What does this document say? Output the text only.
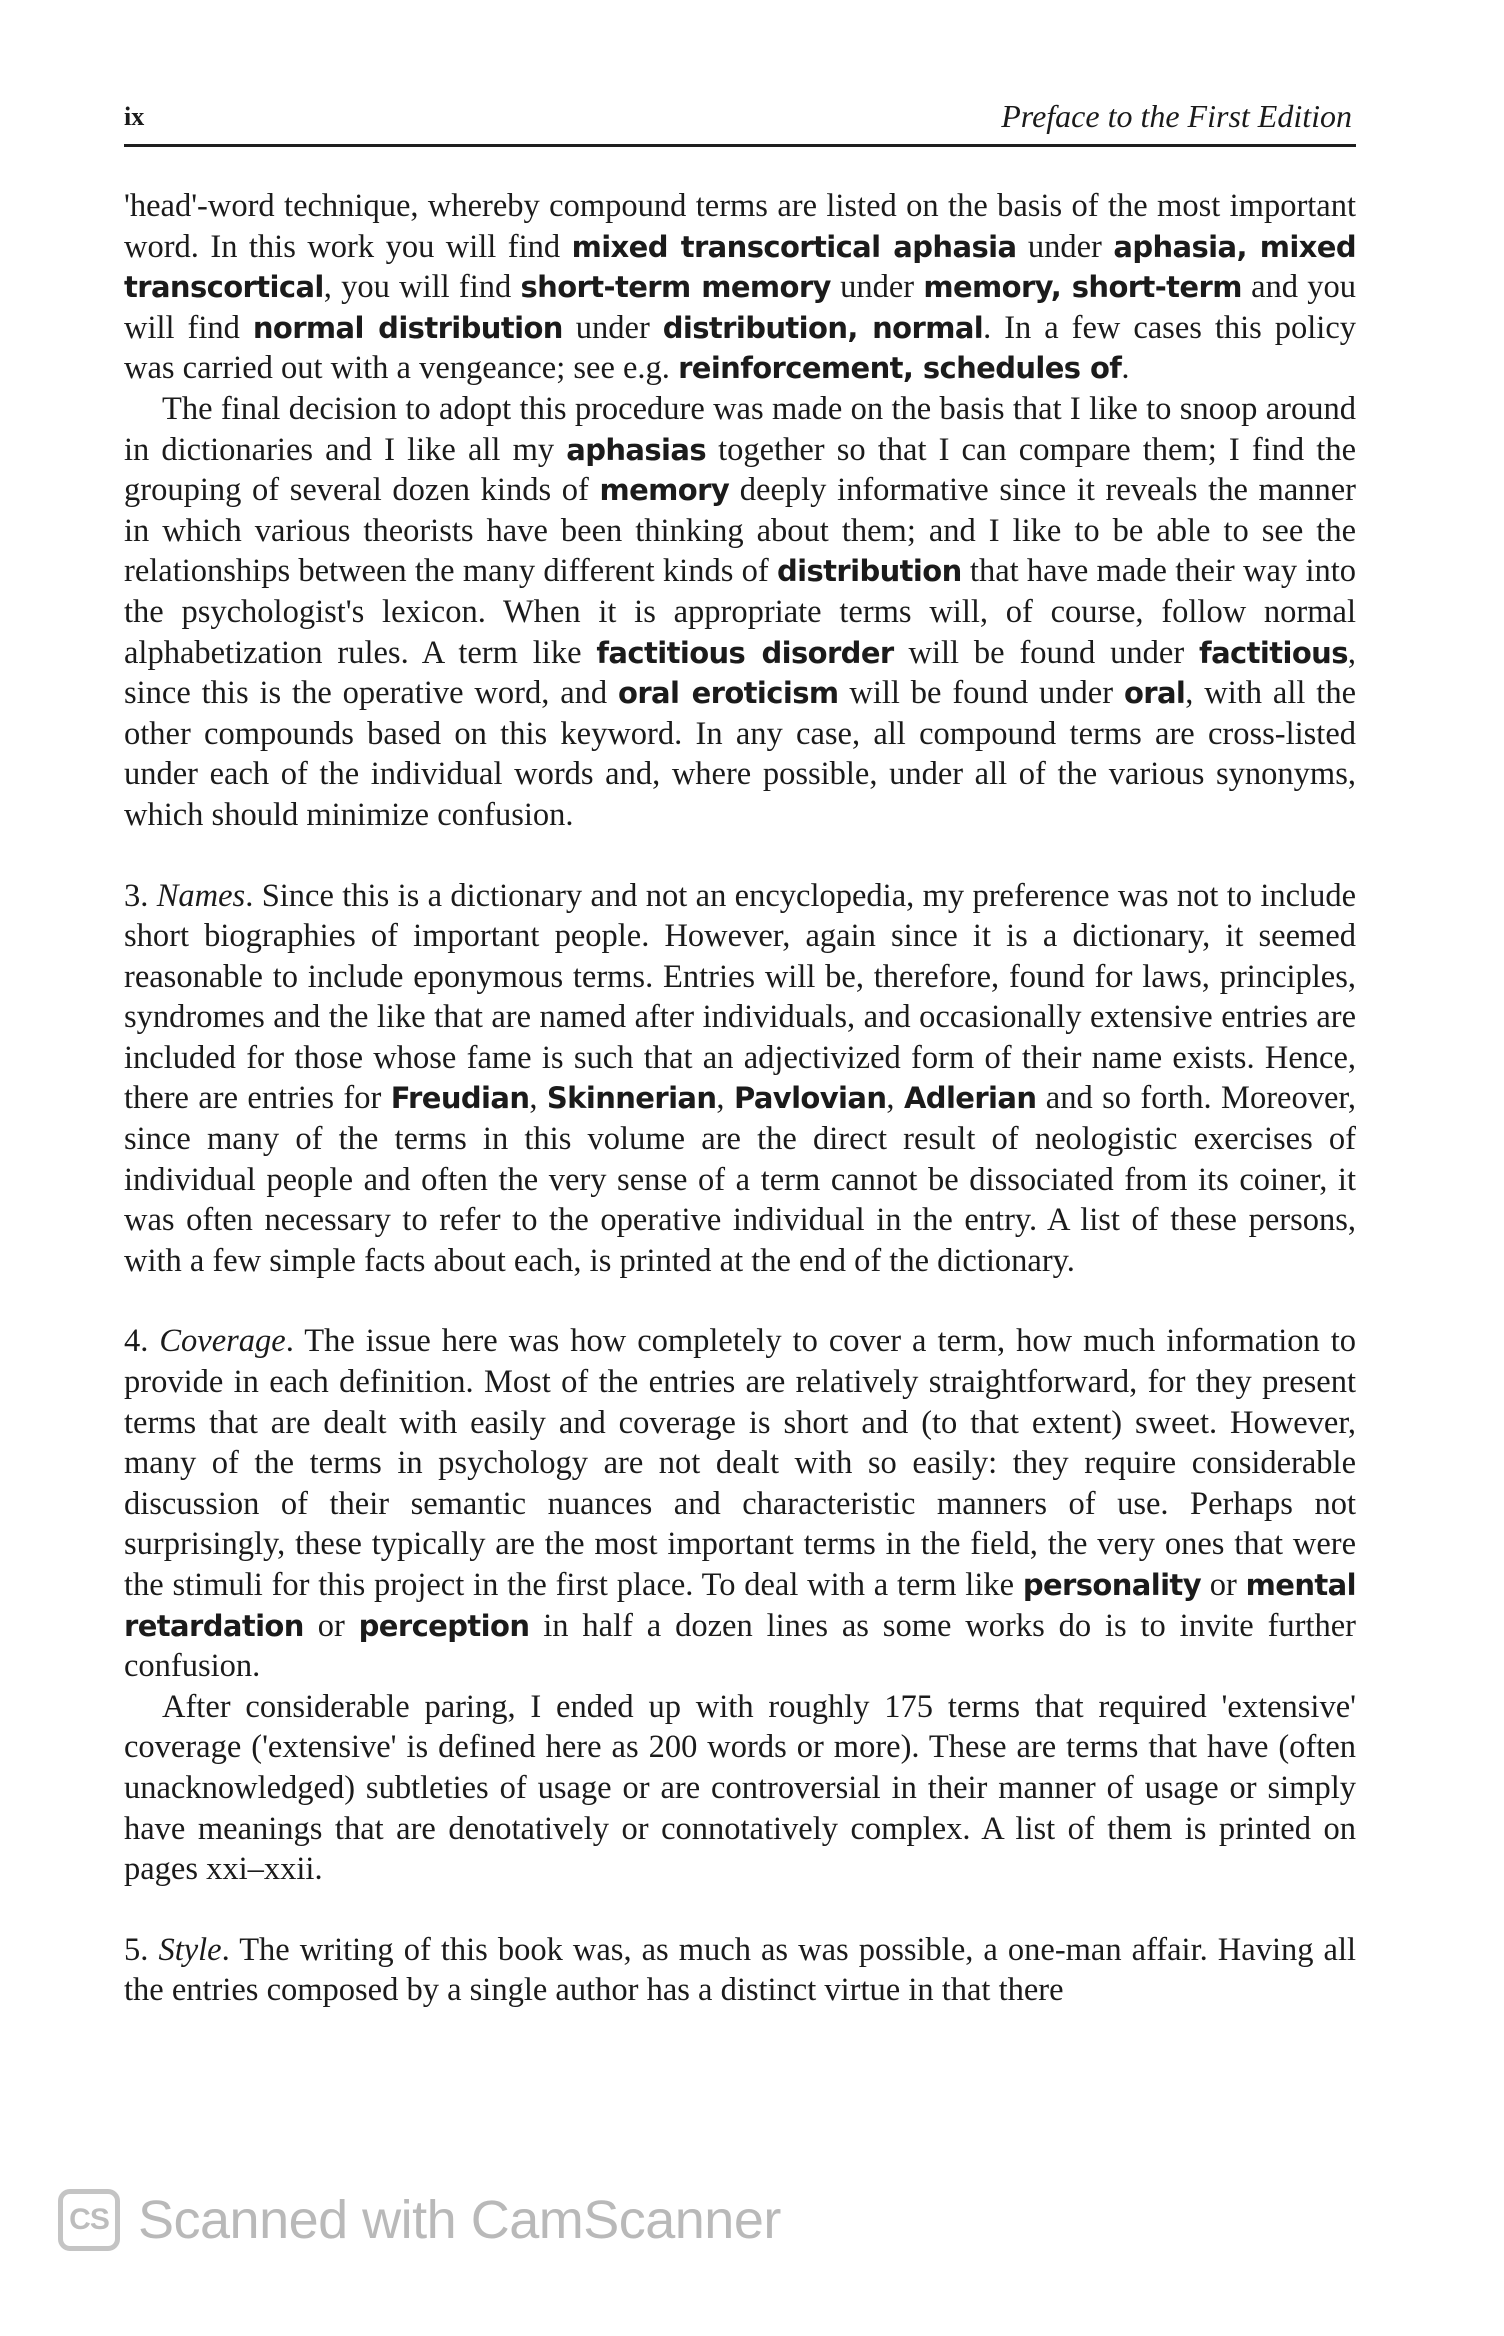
ix	Preface to the First Edition

'head'-word technique, whereby compound terms are listed on the basis of the most important word. In this work you will find mixed transcortical aphasia under aphasia, mixed transcortical, you will find short-term memory under memory, short-term and you will find normal distribution under distribution, normal. In a few cases this policy was carried out with a vengeance; see e.g. reinforcement, schedules of.

The final decision to adopt this procedure was made on the basis that I like to snoop around in dictionaries and I like all my aphasias together so that I can compare them; I find the grouping of several dozen kinds of memory deeply informative since it reveals the manner in which various theorists have been thinking about them; and I like to be able to see the relationships between the many different kinds of distribution that have made their way into the psychologist's lexicon. When it is appropriate terms will, of course, follow normal alphabetization rules. A term like factitious disorder will be found under factitious, since this is the operative word, and oral eroticism will be found under oral, with all the other compounds based on this keyword. In any case, all compound terms are cross-listed under each of the individual words and, where possible, under all of the various synonyms, which should minimize confusion.

3. Names. Since this is a dictionary and not an encyclopedia, my preference was not to include short biographies of important people. However, again since it is a dictionary, it seemed reasonable to include eponymous terms. Entries will be, therefore, found for laws, principles, syndromes and the like that are named after individuals, and occasionally extensive entries are included for those whose fame is such that an adjectivized form of their name exists. Hence, there are entries for Freudian, Skinnerian, Pavlovian, Adlerian and so forth. Moreover, since many of the terms in this volume are the direct result of neologistic exercises of individual people and often the very sense of a term cannot be dissociated from its coiner, it was often necessary to refer to the operative individual in the entry. A list of these persons, with a few simple facts about each, is printed at the end of the dictionary.

4. Coverage. The issue here was how completely to cover a term, how much information to provide in each definition. Most of the entries are relatively straightforward, for they present terms that are dealt with easily and coverage is short and (to that extent) sweet. However, many of the terms in psychology are not dealt with so easily: they require considerable discussion of their semantic nuances and characteristic manners of use. Perhaps not surprisingly, these typically are the most important terms in the field, the very ones that were the stimuli for this project in the first place. To deal with a term like personality or mental retardation or perception in half a dozen lines as some works do is to invite further confusion.

After considerable paring, I ended up with roughly 175 terms that required 'extensive' coverage ('extensive' is defined here as 200 words or more). These are terms that have (often unacknowledged) subtleties of usage or are controversial in their manner of usage or simply have meanings that are denotatively or connotatively complex. A list of them is printed on pages xxi–xxii.

5. Style. The writing of this book was, as much as was possible, a one-man affair. Having all the entries composed by a single author has a distinct virtue in that there

CS Scanned with CamScanner
